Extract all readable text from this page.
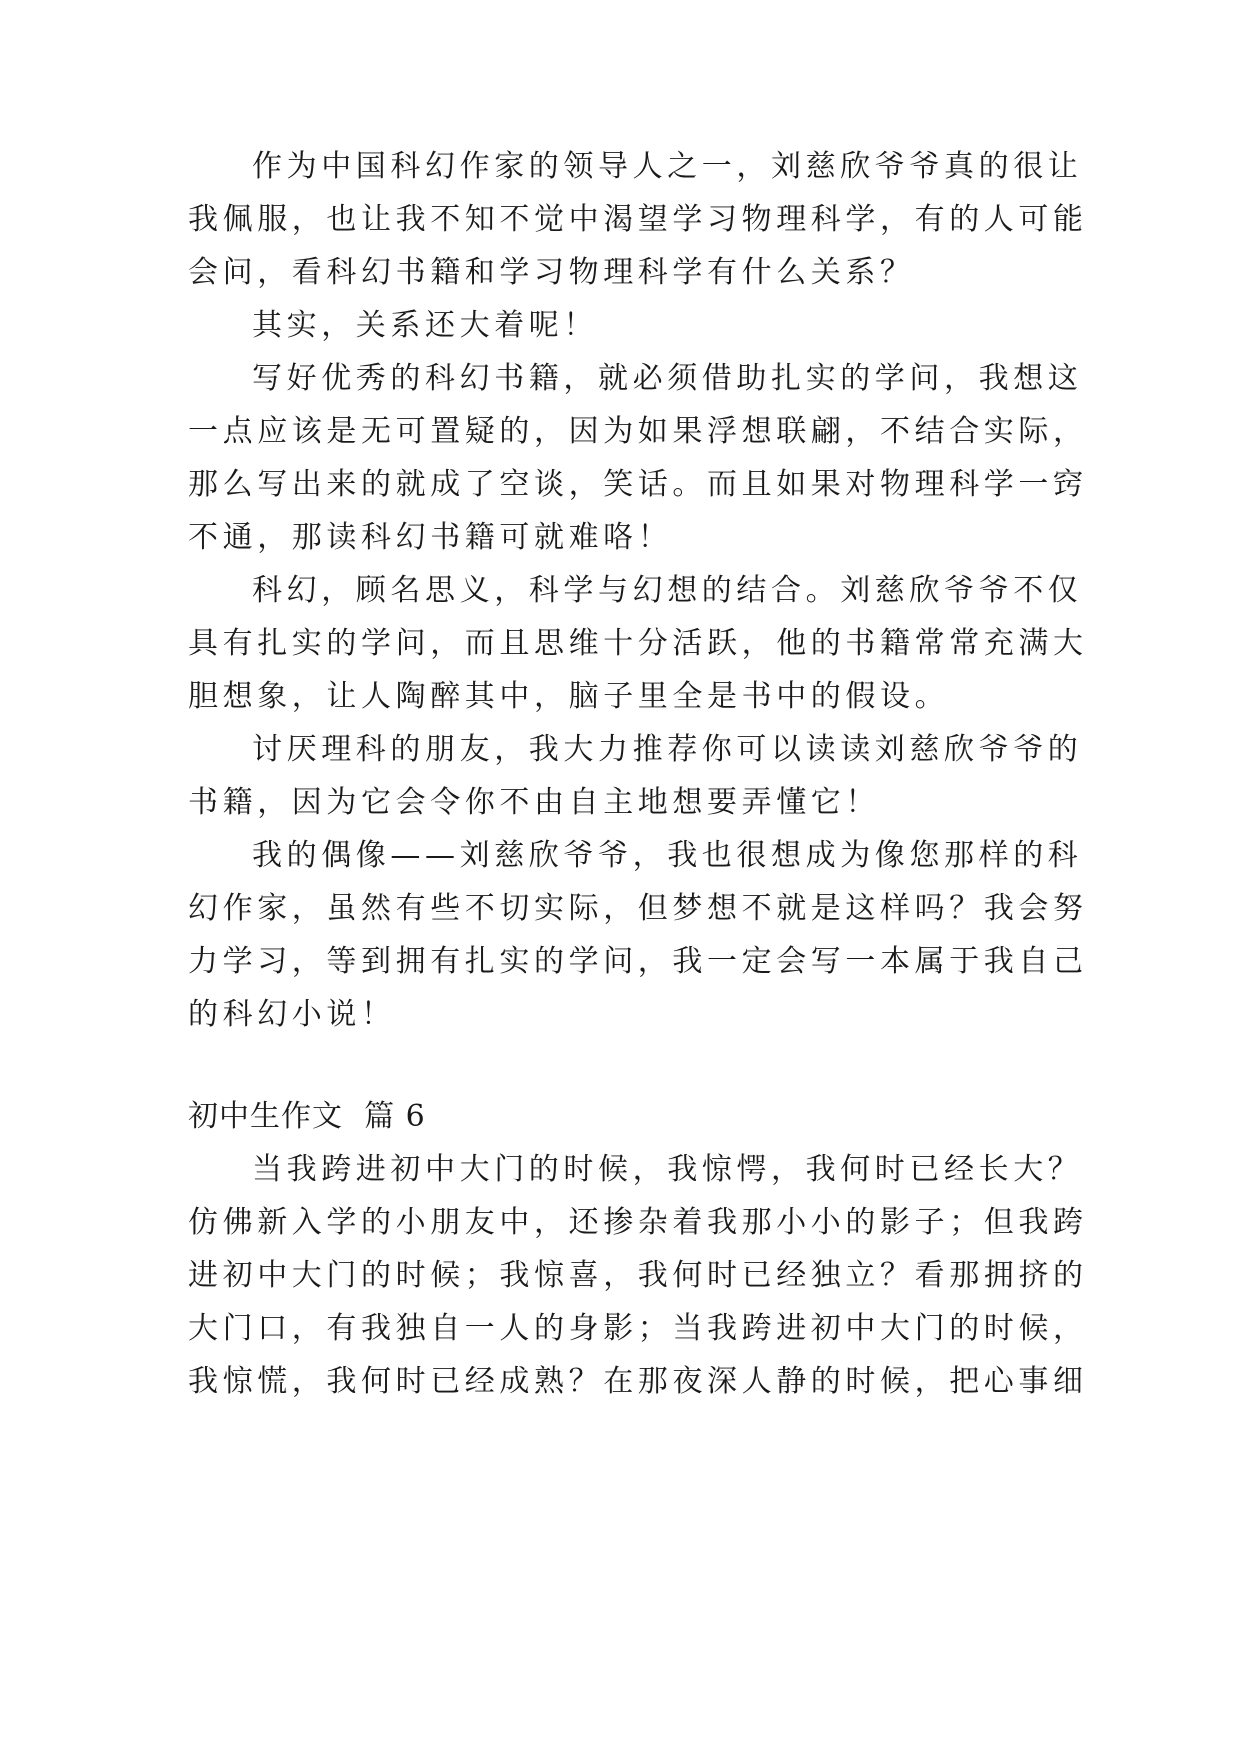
作为中国科幻作家的领导人之一，刘慈欣爷爷真的很让
我佩服，也让我不知不觉中渴望学习物理科学，有的人可能
会问，看科幻书籍和学习物理科学有什么关系？
其实，关系还大着呢！
写好优秀的科幻书籍，就必须借助扎实的学问，我想这
一点应该是无可置疑的，因为如果浮想联翩，不结合实际，
那么写出来的就成了空谈，笑话。而且如果对物理科学一窍
不通，那读科幻书籍可就难咯！
科幻，顾名思义，科学与幻想的结合。刘慈欣爷爷不仅
具有扎实的学问，而且思维十分活跃，他的书籍常常充满大
胆想象，让人陶醉其中，脑子里全是书中的假设。
讨厌理科的朋友，我大力推荐你可以读读刘慈欣爷爷的
书籍，因为它会令你不由自主地想要弄懂它！
我的偶像——刘慈欣爷爷，我也很想成为像您那样的科
幻作家，虽然有些不切实际，但梦想不就是这样吗？我会努
力学习，等到拥有扎实的学问，我一定会写一本属于我自己
的科幻小说！
初中生作文  篇 6
当我跨进初中大门的时候，我惊愕，我何时已经长大？
仿佛新入学的小朋友中，还掺杂着我那小小的影子；但我跨
进初中大门的时候；我惊喜，我何时已经独立？看那拥挤的
大门口，有我独自一人的身影；当我跨进初中大门的时候，
我惊慌，我何时已经成熟？在那夜深人静的时候，把心事细
